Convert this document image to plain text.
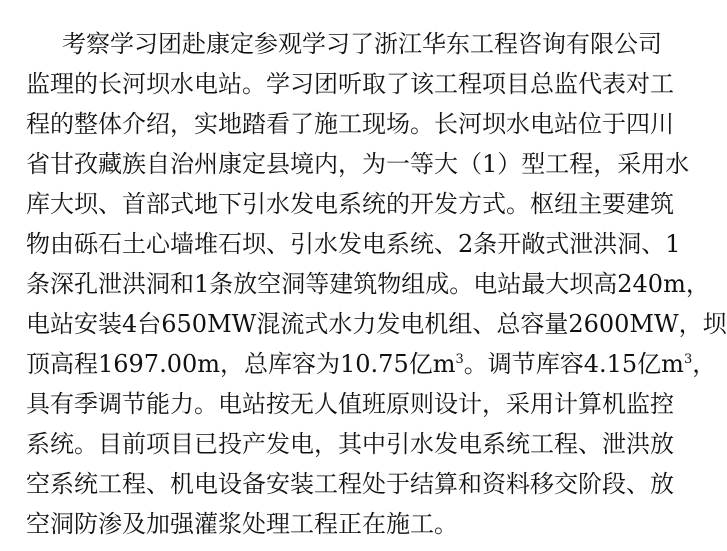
考察学习团赴康定参观学习了浙江华东工程咨询有限公司
监理的长河坝水电站。学习团听取了该工程项目总监代表对工
程的整体介绍，实地踏看了施工现场。长河坝水电站位于四川
省甘孜藏族自治州康定县境内，为一等大（1）型工程，采用水
库大坝、首部式地下引水发电系统的开发方式。枢纽主要建筑
物由砾石土心墙堆石坝、引水发电系统、2条开敞式泄洪洞、1
条深孔泄洪洞和1条放空洞等建筑物组成。电站最大坝高240m，
电站安装4台650MW混流式水力发电机组、总容量2600MW，坝
顶高程1697.00m，总库容为10.75亿$m^3$。调节库容4.15亿$m^3$，
具有季调节能力。电站按无人值班原则设计，采用计算机监控
系统。目前项目已投产发电，其中引水发电系统工程、泄洪放
空系统工程、机电设备安装工程处于结算和资料移交阶段、放
空洞防渗及加强灌浆处理工程正在施工。
